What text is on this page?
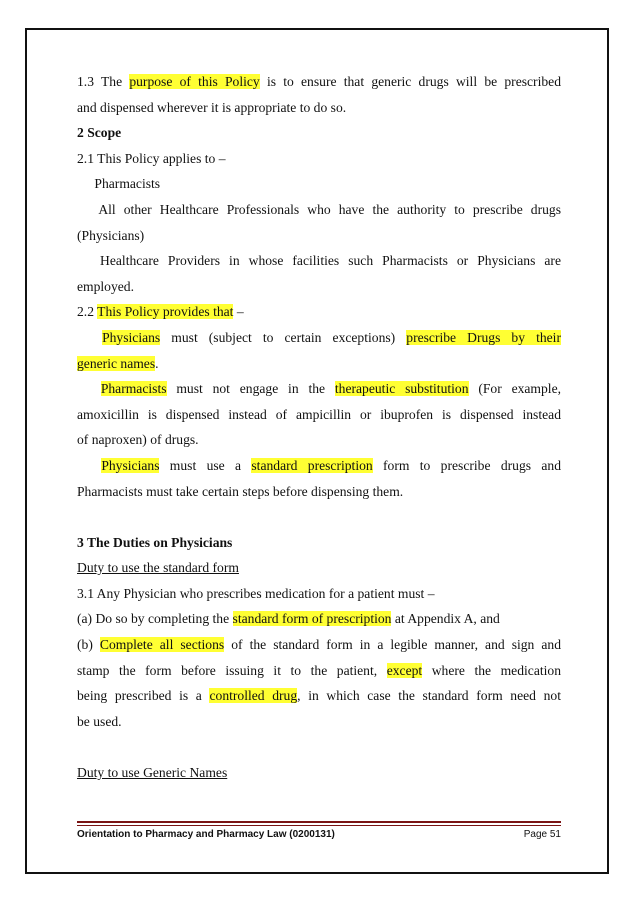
1.3 The purpose of this Policy is to ensure that generic drugs will be prescribed
and dispensed wherever it is appropriate to do so.
2 Scope
2.1 This Policy applies to –
Pharmacists
All other Healthcare Professionals who have the authority to prescribe drugs
(Physicians)
Healthcare Providers in whose facilities such Pharmacists or Physicians are
employed.
2.2 This Policy provides that –
Physicians must (subject to certain exceptions) prescribe Drugs by their
generic names.
Pharmacists must not engage in the therapeutic substitution (For example,
amoxicillin is dispensed instead of ampicillin or ibuprofen is dispensed instead
of naproxen) of drugs.
Physicians must use a standard prescription form to prescribe drugs and
Pharmacists must take certain steps before dispensing them.
3 The Duties on Physicians
Duty to use the standard form
3.1 Any Physician who prescribes medication for a patient must –
(a) Do so by completing the standard form of prescription at Appendix A, and
(b) Complete all sections of the standard form in a legible manner, and sign and
stamp the form before issuing it to the patient, except where the medication
being prescribed is a controlled drug, in which case the standard form need not
be used.
Duty to use Generic Names
Orientation to Pharmacy and Pharmacy Law (0200131)	Page 51
